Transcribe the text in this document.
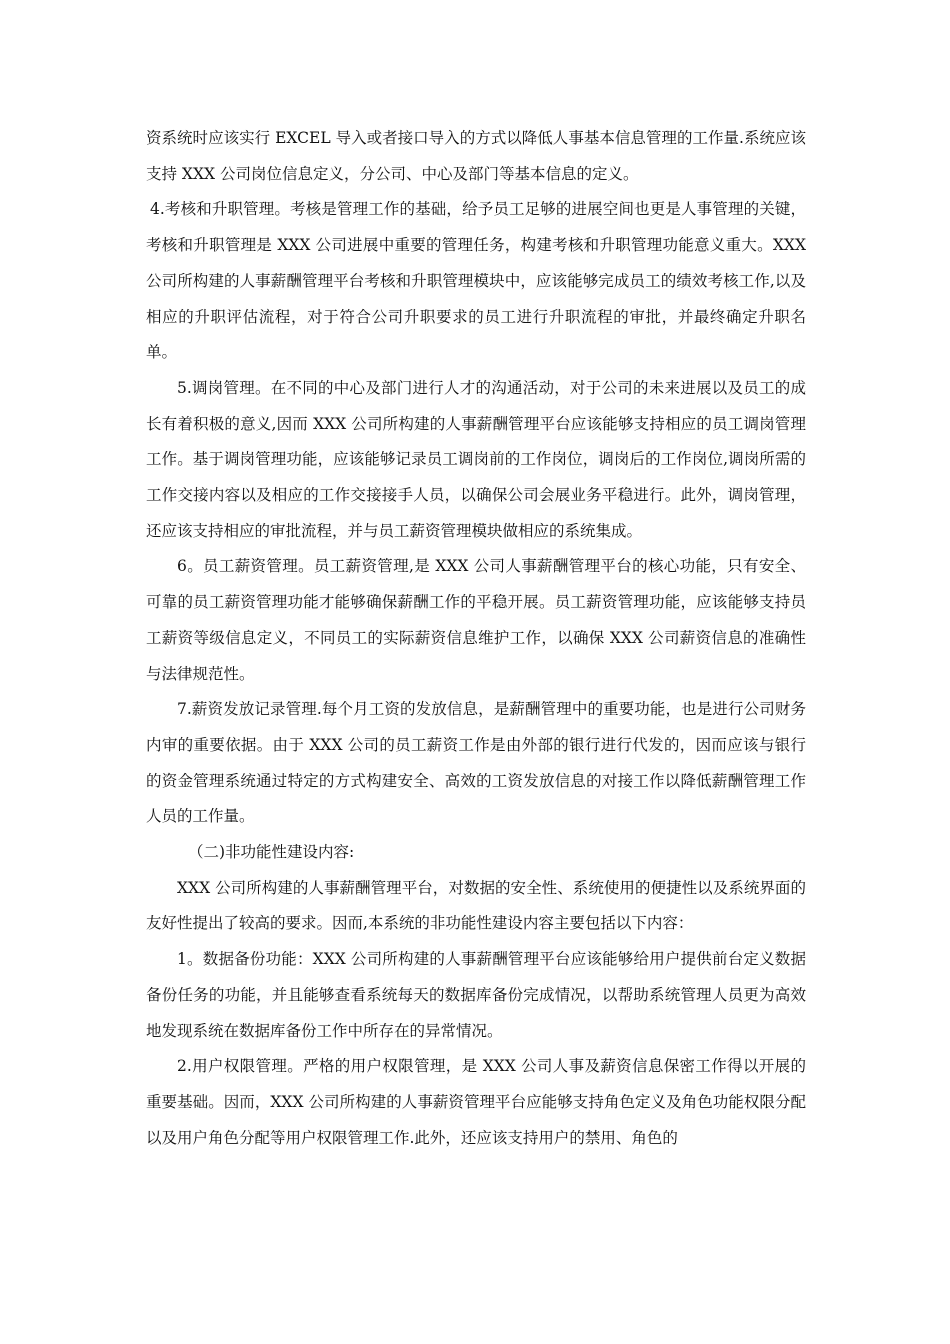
资系统时应该实行 EXCEL 导入或者接口导入的方式以降低人事基本信息管理的工作量.系统应该支持 XXX 公司岗位信息定义，分公司、中心及部门等基本信息的定义。

4.考核和升职管理。考核是管理工作的基础，给予员工足够的进展空间也更是人事管理的关键，考核和升职管理是 XXX 公司进展中重要的管理任务，构建考核和升职管理功能意义重大。XXX 公司所构建的人事薪酬管理平台考核和升职管理模块中，应该能够完成员工的绩效考核工作,以及相应的升职评估流程，对于符合公司升职要求的员工进行升职流程的审批，并最终确定升职名单。

5.调岗管理。在不同的中心及部门进行人才的沟通活动，对于公司的未来进展以及员工的成长有着积极的意义,因而 XXX 公司所构建的人事薪酬管理平台应该能够支持相应的员工调岗管理工作。基于调岗管理功能，应该能够记录员工调岗前的工作岗位，调岗后的工作岗位,调岗所需的工作交接内容以及相应的工作交接接手人员，以确保公司会展业务平稳进行。此外，调岗管理，还应该支持相应的审批流程，并与员工薪资管理模块做相应的系统集成。

6。员工薪资管理。员工薪资管理,是 XXX 公司人事薪酬管理平台的核心功能，只有安全、可靠的员工薪资管理功能才能够确保薪酬工作的平稳开展。员工薪资管理功能，应该能够支持员工薪资等级信息定义，不同员工的实际薪资信息维护工作，以确保 XXX 公司薪资信息的准确性与法律规范性。

7.薪资发放记录管理.每个月工资的发放信息，是薪酬管理中的重要功能，也是进行公司财务内审的重要依据。由于 XXX 公司的员工薪资工作是由外部的银行进行代发的，因而应该与银行的资金管理系统通过特定的方式构建安全、高效的工资发放信息的对接工作以降低薪酬管理工作人员的工作量。

（二)非功能性建设内容:

XXX 公司所构建的人事薪酬管理平台，对数据的安全性、系统使用的便捷性以及系统界面的友好性提出了较高的要求。因而,本系统的非功能性建设内容主要包括以下内容：

1。数据备份功能：XXX 公司所构建的人事薪酬管理平台应该能够给用户提供前台定义数据备份任务的功能，并且能够查看系统每天的数据库备份完成情况，以帮助系统管理人员更为高效地发现系统在数据库备份工作中所存在的异常情况。

2.用户权限管理。严格的用户权限管理，是 XXX 公司人事及薪资信息保密工作得以开展的重要基础。因而，XXX 公司所构建的人事薪资管理平台应能够支持角色定义及角色功能权限分配以及用户角色分配等用户权限管理工作.此外，还应该支持用户的禁用、角色的
